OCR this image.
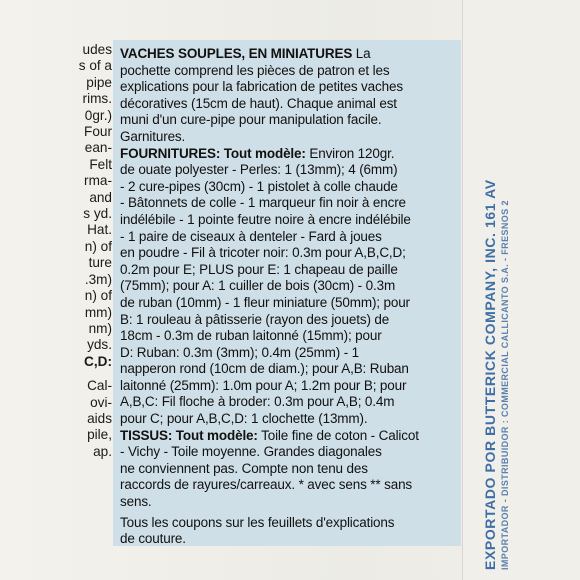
udes
s of a
pipe
rims.
0gr.)
Four
ean-
Felt
rma-
and
s yd.
Hat.
n) of
ture
.3m)
n) of
mm)
nm)
yds.
C,D:
Cal-
ovi-
aids
pile,
ap.
VACHES SOUPLES, EN MINIATURES La
pochette comprend les pièces de patron et les
explications pour la fabrication de petites vaches
décoratives (15cm de haut). Chaque animal est
muni d'un cure-pipe pour manipulation facile.
Garnitures.
FOURNITURES: Tout modèle: Environ 120gr.
de ouate polyester - Perles: 1 (13mm); 4 (6mm)
- 2 cure-pipes (30cm) - 1 pistolet à colle chaude
- Bâtonnets de colle - 1 marqueur fin noir à encre
indélébile - 1 pointe feutre noire à encre indélébile
- 1 paire de ciseaux à denteler - Fard à joues
en poudre - Fil à tricoter noir: 0.3m pour A,B,C,D;
0.2m pour E; PLUS pour E: 1 chapeau de paille
(75mm); pour A: 1 cuiller de bois (30cm) - 0.3m
de ruban (10mm) - 1 fleur miniature (50mm); pour
B: 1 rouleau à pâtisserie (rayon des jouets) de
18cm - 0.3m de ruban laitonné (15mm); pour
D: Ruban: 0.3m (3mm); 0.4m (25mm) - 1
napperon rond (10cm de diam.); pour A,B: Ruban
laitonné (25mm): 1.0m pour A; 1.2m pour B; pour
A,B,C: Fil floche à broder: 0.3m pour A,B; 0.4m
pour C; pour A,B,C,D: 1 clochette (13mm).
TISSUS: Tout modèle: Toile fine de coton - Calicot
- Vichy - Toile moyenne. Grandes diagonales
ne conviennent pas. Compte non tenu des
raccords de rayures/carreaux. * avec sens ** sans
sens.
Tous les coupons sur les feuillets d'explications
de couture.	EXPORTADO POR BUTTERICK COMPANY, INC. 161 AV IMPORTADOR - DISTRIBUIDOR : COMMERCIAL CALLICANTO S.A. - FRESNOS 2
